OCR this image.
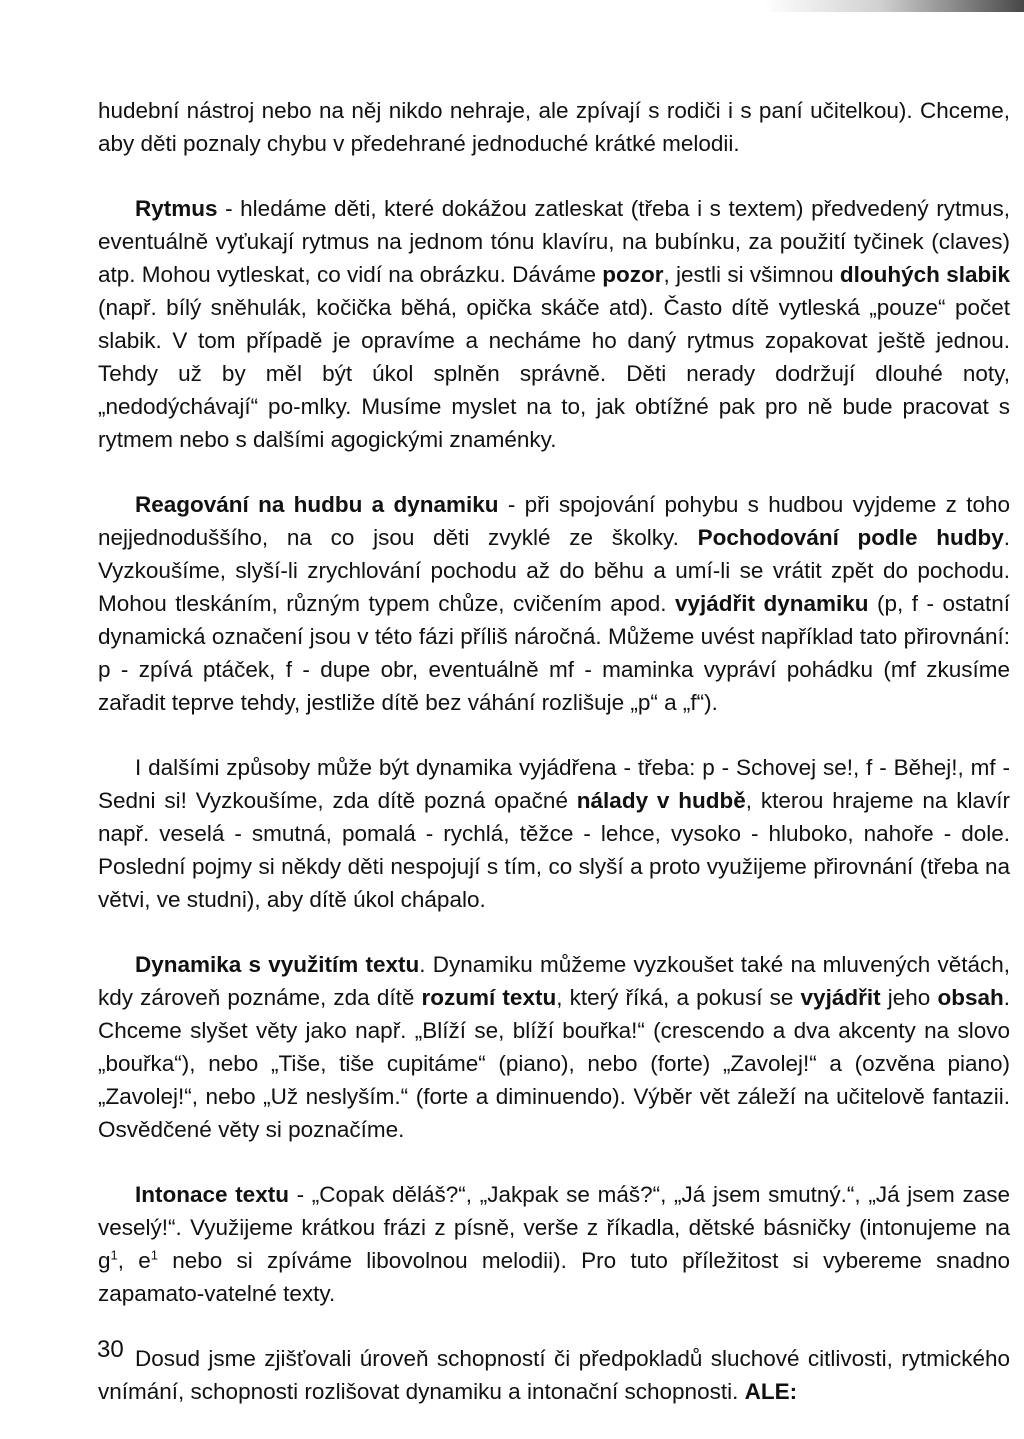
hudební nástroj nebo na něj nikdo nehraje, ale zpívají s rodiči i s paní učitelkou). Chceme, aby děti poznaly chybu v předehrané jednoduché krátké melodii.

Rytmus - hledáme děti, které dokážou zatleskat (třeba i s textem) předvedený rytmus, eventuálně vyťukají rytmus na jednom tónu klavíru, na bubínku, za použití tyčinek (claves) atp. Mohou vytleskat, co vidí na obrázku. Dáváme pozor, jestli si všimnou dlouhých slabik (např. bílý sněhulák, kočička běhá, opička skáče atd). Často dítě vytleská „pouze“ počet slabik. V tom případě je opravíme a necháme ho daný rytmus zopakovat ještě jednou. Tehdy už by měl být úkol splněn správně. Děti nerady dodržují dlouhé noty, „nedodýchávají“ po-mlky. Musíme myslet na to, jak obtížné pak pro ně bude pracovat s rytmem nebo s dalšími agogickými znaménky.

Reagování na hudbu a dynamiku - při spojování pohybu s hudbou vyjdeme z toho nejjednoduššího, na co jsou děti zvyklé ze školky. Pochodování podle hudby. Vyzkoušíme, slyší-li zrychlování pochodu až do běhu a umí-li se vrátit zpět do pochodu. Mohou tleskáním, různým typem chůze, cvičením apod. vyjádřit dynamiku (p, f - ostatní dynamická označení jsou v této fázi příliš náročná. Můžeme uvést například tato přirovnání: p - zpívá ptáček, f - dupe obr, eventuálně mf - maminka vypráví pohádku (mf zkusíme zařadit teprve tehdy, jestliže dítě bez váhání rozlišuje „p“ a „f“).

I dalšími způsoby může být dynamika vyjádřena - třeba: p - Schovej se!, f - Běhej!, mf - Sedni si! Vyzkoušíme, zda dítě pozná opačné nálady v hudbě, kterou hrajeme na klavír např. veselá - smutná, pomalá - rychlá, těžce - lehce, vysoko - hluboko, nahoře - dole. Poslední pojmy si někdy děti nespojují s tím, co slyší a proto využijeme přirovnání (třeba na větvi, ve studni), aby dítě úkol chápalo.

Dynamika s využitím textu. Dynamiku můžeme vyzkoušet také na mluvených větách, kdy zároveň poznáme, zda dítě rozumí textu, který říká, a pokusí se vyjádřit jeho obsah. Chceme slyšet věty jako např. „Blíží se, blíží bouřka!“ (crescendo a dva akcenty na slovo „bouřka“), nebo „Tiše, tiše cupitáme“ (piano), nebo (forte) „Zavolej!“ a (ozvěna piano) „Zavolej!“, nebo „Už neslyším.“ (forte a diminuendo). Výběr vět záleží na učitelově fantazii. Osvědčené věty si poznačíme.

Intonace textu - „Copak děláš?“, „Jakpak se máš?“, „Já jsem smutný.“, „Já jsem zase veselý!“. Využijeme krátkou frázi z písně, verše z říkadla, dětské básničky (intonujeme na $g^1$, $e^1$ nebo si zpíváme libovolnou melodii). Pro tuto příležitost si vybereme snadno zapamato-vatelné texty.

Dosud jsme zjišťovali úroveň schopností či předpokladů sluchové citlivosti, rytmického vnímání, schopnosti rozlišovat dynamiku a intonační schopnosti. ALE:

30
